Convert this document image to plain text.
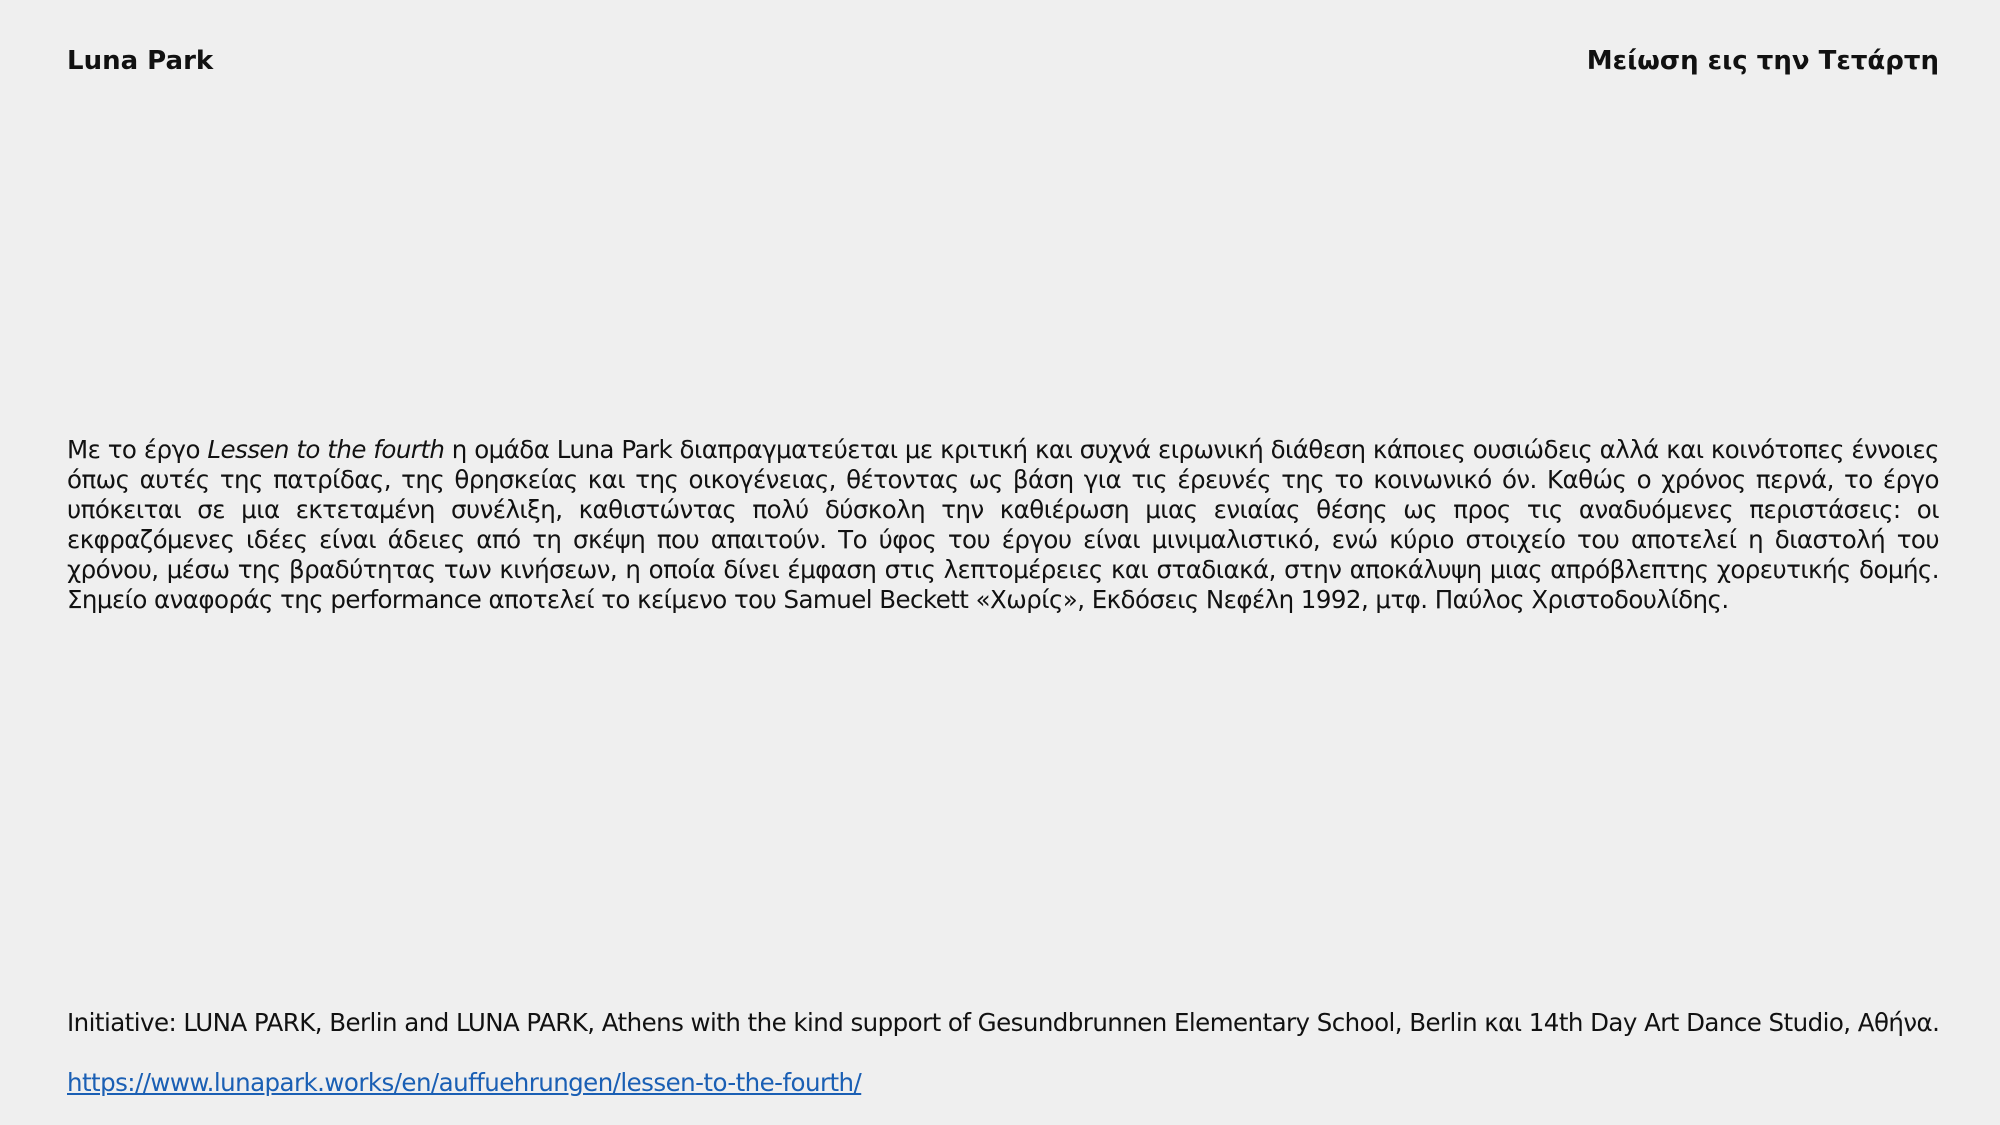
Luna Park	Μείωση εις την Τετάρτη

Με το έργο Lessen to the fourth η ομάδα Luna Park διαπραγματεύεται με κριτική και συχνά ειρωνική διάθεση κάποιες ουσιώδεις αλλά και κοινότοπες έννοιες όπως αυτές της πατρίδας, της θρησκείας και της οικογένειας, θέτοντας ως βάση για τις έρευνές της το κοινωνικό όν. Καθώς ο χρόνος περνά, το έργο υπόκειται σε μια εκτεταμένη συνέλιξη, καθιστώντας πολύ δύσκολη την καθιέρωση μιας ενιαίας θέσης ως προς τις αναδυόμενες περιστάσεις: οι εκφραζόμενες ιδέες είναι άδειες από τη σκέψη που απαιτούν. Το ύφος του έργου είναι μινιμαλιστικό, ενώ κύριο στοιχείο του αποτελεί η διαστολή του χρόνου, μέσω της βραδύτητας των κινήσεων, η οποία δίνει έμφαση στις λεπτομέρειες και σταδιακά, στην αποκάλυψη μιας απρόβλεπτης χορευτικής δομής. Σημείο αναφοράς της performance αποτελεί το κείμενο του Samuel Beckett «Χωρίς», Εκδόσεις Νεφέλη 1992, μτφ. Παύλος Χριστοδουλίδης.

Initiative: LUNA PARK, Berlin and LUNA PARK, Athens with the kind support of Gesundbrunnen Elementary School, Berlin και 14th Day Art Dance Studio, Αθήνα.

https://www.lunapark.works/en/auffuehrungen/lessen-to-the-fourth/
